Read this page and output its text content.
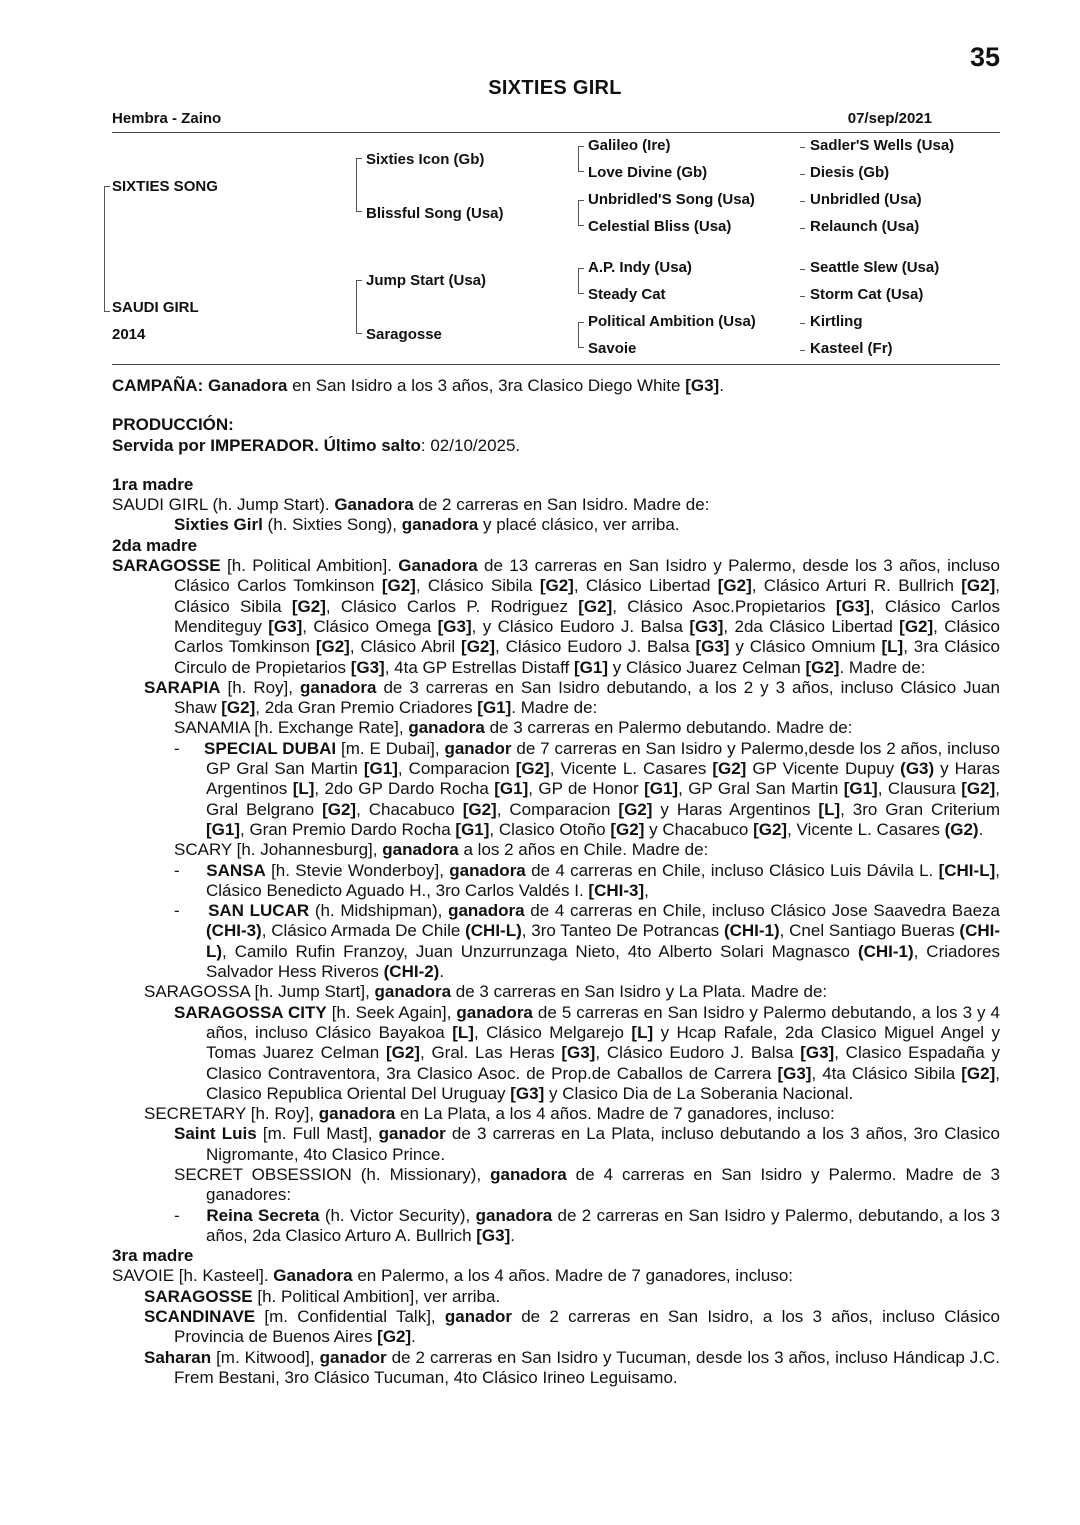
35
SIXTIES GIRL
Hembra - Zaino	07/sep/2021
SIXTIES SONG
SAUDI GIRL
2014
Sixties Icon (Gb)
Blissful Song (Usa)
Jump Start (Usa)
Saragosse
Galileo (Ire)
Love Divine (Gb)
Unbridled'S Song (Usa)
Celestial Bliss (Usa)
A.P. Indy (Usa)
Steady Cat
Political Ambition (Usa)
Savoie
Sadler'S Wells (Usa)
Diesis (Gb)
Unbridled (Usa)
Relaunch (Usa)
Seattle Slew (Usa)
Storm Cat (Usa)
Kirtling
Kasteel (Fr)

CAMPAÑA: Ganadora en San Isidro a los 3 años, 3ra Clasico Diego White [G3].

PRODUCCIÓN:

Servida por IMPERADOR. Último salto: 02/10/2025.

1ra madre

SAUDI GIRL (h. Jump Start). Ganadora de 2 carreras en San Isidro. Madre de:

Sixties Girl (h. Sixties Song), ganadora y placé clásico, ver arriba.

2da madre

SARAGOSSE [h. Political Ambition]. Ganadora de 13 carreras en San Isidro y Palermo, desde los 3 años, incluso Clásico Carlos Tomkinson [G2], Clásico Sibila [G2], Clásico Libertad [G2], Clásico Arturi R. Bullrich [G2], Clásico Sibila [G2], Clásico Carlos P. Rodriguez [G2], Clásico Asoc.Propietarios [G3], Clásico Carlos Menditeguy [G3], Clásico Omega [G3], y Clásico Eudoro J. Balsa [G3], 2da Clásico Libertad [G2], Clásico Carlos Tomkinson [G2], Clásico Abril [G2], Clásico Eudoro J. Balsa [G3] y Clásico Omnium [L], 3ra Clásico Circulo de Propietarios [G3], 4ta GP Estrellas Distaff [G1] y Clásico Juarez Celman [G2]. Madre de:

SARAPIA [h. Roy], ganadora de 3 carreras en San Isidro debutando, a los 2 y 3 años, incluso Clásico Juan Shaw [G2], 2da Gran Premio Criadores [G1]. Madre de:

SANAMIA [h. Exchange Rate], ganadora de 3 carreras en Palermo debutando. Madre de:

-     SPECIAL DUBAI [m. E Dubai], ganador de 7 carreras en San Isidro y Palermo,desde los 2 años, incluso GP Gral San Martin [G1], Comparacion [G2], Vicente L. Casares [G2] GP Vicente Dupuy (G3) y Haras Argentinos [L], 2do GP Dardo Rocha [G1], GP de Honor [G1], GP Gral San Martin [G1], Clausura [G2], Gral Belgrano [G2], Chacabuco [G2], Comparacion [G2] y Haras Argentinos [L], 3ro Gran Criterium [G1], Gran Premio Dardo Rocha [G1], Clasico Otoño [G2] y Chacabuco [G2], Vicente L. Casares (G2).

SCARY [h. Johannesburg], ganadora a los 2 años en Chile. Madre de:

-     SANSA [h. Stevie Wonderboy], ganadora de 4 carreras en Chile, incluso Clásico Luis Dávila L. [CHI-L], Clásico Benedicto Aguado H., 3ro Carlos Valdés I. [CHI-3],

-     SAN LUCAR (h. Midshipman), ganadora de 4 carreras en Chile, incluso Clásico Jose Saavedra Baeza (CHI-3), Clásico Armada De Chile (CHI-L), 3ro Tanteo De Potrancas (CHI-1), Cnel Santiago Bueras (CHI-L), Camilo Rufin Franzoy, Juan Unzurrunzaga Nieto, 4to Alberto Solari Magnasco (CHI-1), Criadores Salvador Hess Riveros (CHI-2).

SARAGOSSA [h. Jump Start], ganadora de 3 carreras en San Isidro y La Plata. Madre de:

SARAGOSSA CITY [h. Seek Again], ganadora de 5 carreras en San Isidro y Palermo debutando, a los 3 y 4 años, incluso Clásico Bayakoa [L], Clásico Melgarejo [L] y Hcap Rafale, 2da Clasico Miguel Angel y Tomas Juarez Celman [G2], Gral. Las Heras [G3], Clásico Eudoro J. Balsa [G3], Clasico Espadaña y Clasico Contraventora, 3ra Clasico Asoc. de Prop.de Caballos de Carrera [G3], 4ta Clásico Sibila [G2], Clasico Republica Oriental Del Uruguay [G3] y Clasico Dia de La Soberania Nacional.

SECRETARY [h. Roy], ganadora en La Plata, a los 4 años. Madre de 7 ganadores, incluso:

Saint Luis [m. Full Mast], ganador de 3 carreras en La Plata, incluso debutando a los 3 años, 3ro Clasico Nigromante, 4to Clasico Prince.

SECRET OBSESSION (h. Missionary), ganadora de 4 carreras en San Isidro y Palermo. Madre de 3 ganadores:

-     Reina Secreta (h. Victor Security), ganadora de 2 carreras en San Isidro y Palermo, debutando, a los 3 años, 2da Clasico Arturo A. Bullrich [G3].

3ra madre

SAVOIE [h. Kasteel]. Ganadora en Palermo, a los 4 años. Madre de 7 ganadores, incluso:

SARAGOSSE [h. Political Ambition], ver arriba.

SCANDINAVE [m. Confidential Talk], ganador de 2 carreras en San Isidro, a los 3 años, incluso Clásico Provincia de Buenos Aires [G2].

Saharan [m. Kitwood], ganador de 2 carreras en San Isidro y Tucuman, desde los 3 años, incluso Hándicap J.C. Frem Bestani, 3ro Clásico Tucuman, 4to Clásico Irineo Leguisamo.
